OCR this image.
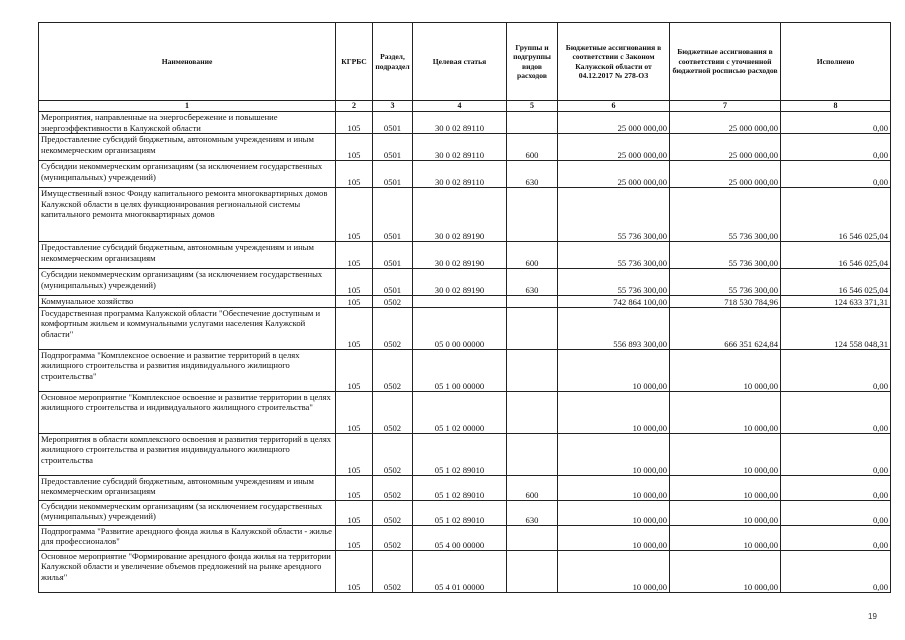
Наименование	КГРБС	Раздел, подраздел	Целевая статья	Группы и подгруппы видов расходов	Бюджетные ассигнования в соответствии с Законом Калужской области от 04.12.2017 № 278-ОЗ	Бюджетные ассигнования в соответствии с уточненной бюджетной росписью расходов	Исполнено
1	2	3	4	5	6	7	8
Мероприятия, направленные на энергосбережение и повышение энергоэффективности в Калужской области	105	0501	30 0 02 89110		25 000 000,00	25 000 000,00	0,00
Предоставление субсидий бюджетным, автономным учреждениям и иным некоммерческим организациям	105	0501	30 0 02 89110	600	25 000 000,00	25 000 000,00	0,00
Субсидии некоммерческим организациям (за исключением государственных (муниципальных) учреждений)	105	0501	30 0 02 89110	630	25 000 000,00	25 000 000,00	0,00
Имущественный взнос Фонду капитального ремонта многоквартирных домов Калужской области в целях функционирования региональной системы капитального ремонта многоквартирных домов	105	0501	30 0 02 89190		55 736 300,00	55 736 300,00	16 546 025,04
Предоставление субсидий бюджетным, автономным учреждениям и иным некоммерческим организациям	105	0501	30 0 02 89190	600	55 736 300,00	55 736 300,00	16 546 025,04
Субсидии некоммерческим организациям (за исключением государственных (муниципальных) учреждений)	105	0501	30 0 02 89190	630	55 736 300,00	55 736 300,00	16 546 025,04
Коммунальное хозяйство	105	0502			742 864 100,00	718 530 784,96	124 633 371,31
Государственная программа Калужской области "Обеспечение доступным и комфортным жильем и коммунальными услугами населения Калужской области"	105	0502	05 0 00 00000		556 893 300,00	666 351 624,84	124 558 048,31
Подпрограмма "Комплексное освоение и развитие территорий в целях жилищного строительства и развития индивидуального жилищного строительства"	105	0502	05 1 00 00000		10 000,00	10 000,00	0,00
Основное мероприятие "Комплексное освоение и развитие территории в целях жилищного строительства и индивидуального жилищного строительства"	105	0502	05 1 02 00000		10 000,00	10 000,00	0,00
Мероприятия в области комплексного освоения и развития территорий в целях жилищного строительства и развития индивидуального жилищного строительства	105	0502	05 1 02 89010		10 000,00	10 000,00	0,00
Предоставление субсидий бюджетным, автономным учреждениям и иным некоммерческим организациям	105	0502	05 1 02 89010	600	10 000,00	10 000,00	0,00
Субсидии некоммерческим организациям (за исключением государственных (муниципальных) учреждений)	105	0502	05 1 02 89010	630	10 000,00	10 000,00	0,00
Подпрограмма "Развитие арендного фонда жилья в Калужской области - жилье для профессионалов"	105	0502	05 4 00 00000		10 000,00	10 000,00	0,00
Основное мероприятие "Формирование арендного фонда жилья на территории Калужской области и увеличение объемов предложений на рынке арендного жилья"	105	0502	05 4 01 00000		10 000,00	10 000,00	0,00
19
